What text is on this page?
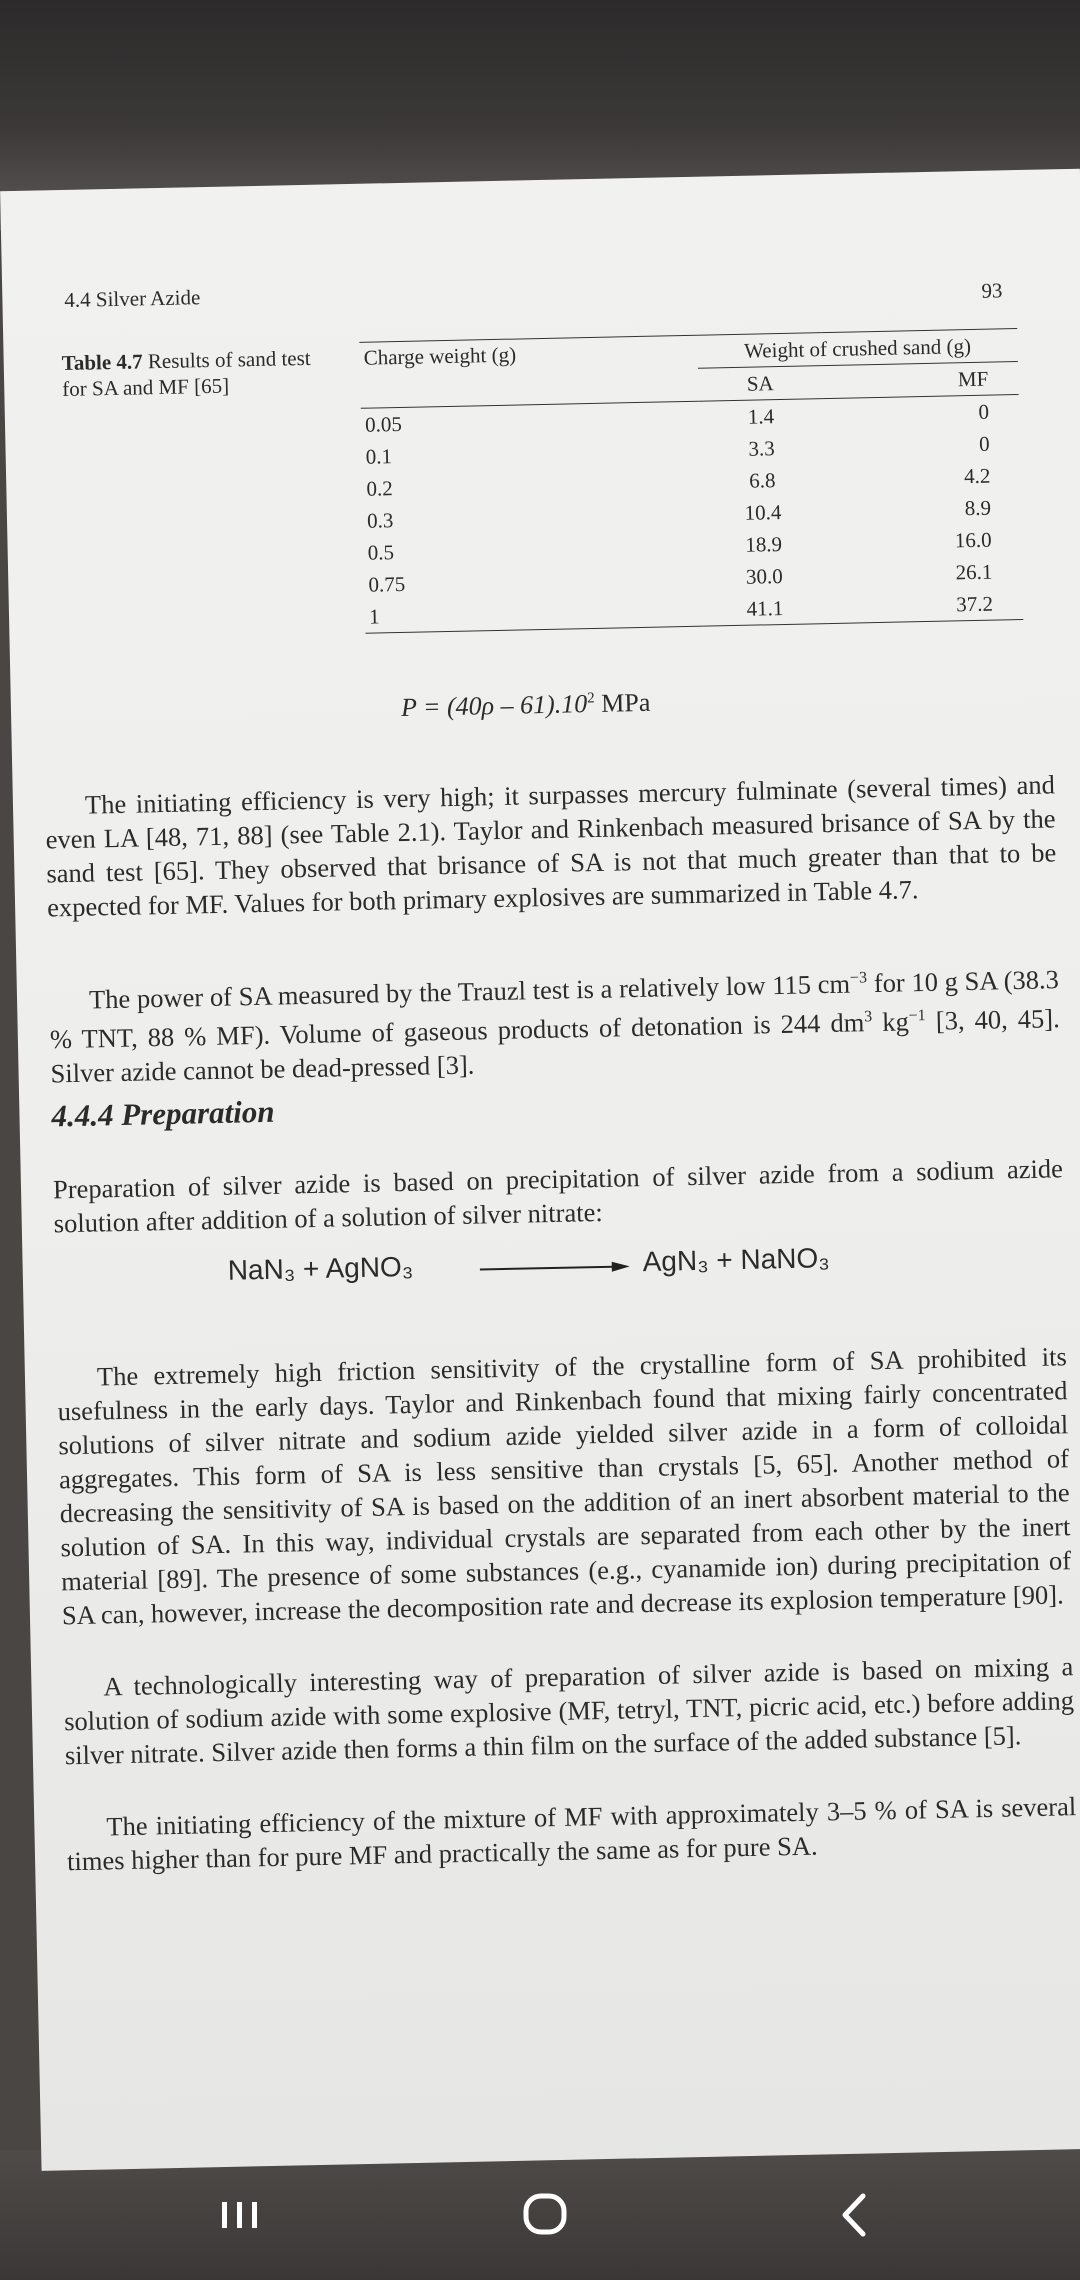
4.4 Silver Azide	93
Table 4.7 Results of sand test for SA and MF [65]
Charge weight (g)	Weight of crushed sand (g)	
	SA	MF
0.05	1.4	0
0.1	3.3	0
0.2	6.8	4.2
0.3	10.4	8.9
0.5	18.9	16.0
0.75	30.0	26.1
1	41.1	37.2
$P = (40\rho - 61).10^2$ MPa

The initiating efficiency is very high; it surpasses mercury fulminate (several times) and even LA [48, 71, 88] (see Table 2.1). Taylor and Rinkenbach measured brisance of SA by the sand test [65]. They observed that brisance of SA is not that much greater than that to be expected for MF. Values for both primary explosives are summarized in Table 4.7.

The power of SA measured by the Trauzl test is a relatively low 115 $cm^{-3}$ for 10 g SA (38.3 % TNT, 88 % MF). Volume of gaseous products of detonation is 244 $dm^3$ $kg^{-1}$ [3, 40, 45]. Silver azide cannot be dead-pressed [3].

4.4.4 Preparation

Preparation of silver azide is based on precipitation of silver azide from a sodium azide solution after addition of a solution of silver nitrate:

NaN₃ + AgNO₃	AgN₃ + NaNO₃

The extremely high friction sensitivity of the crystalline form of SA prohibited its usefulness in the early days. Taylor and Rinkenbach found that mixing fairly concentrated solutions of silver nitrate and sodium azide yielded silver azide in a form of colloidal aggregates. This form of SA is less sensitive than crystals [5, 65]. Another method of decreasing the sensitivity of SA is based on the addition of an inert absorbent material to the solution of SA. In this way, individual crystals are separated from each other by the inert material [89]. The presence of some substances (e.g., cyanamide ion) during precipitation of SA can, however, increase the decomposition rate and decrease its explosion temperature [90].

A technologically interesting way of preparation of silver azide is based on mixing a solution of sodium azide with some explosive (MF, tetryl, TNT, picric acid, etc.) before adding silver nitrate. Silver azide then forms a thin film on the surface of the added substance [5].

The initiating efficiency of the mixture of MF with approximately 3–5 % of SA is several times higher than for pure MF and practically the same as for pure SA.
